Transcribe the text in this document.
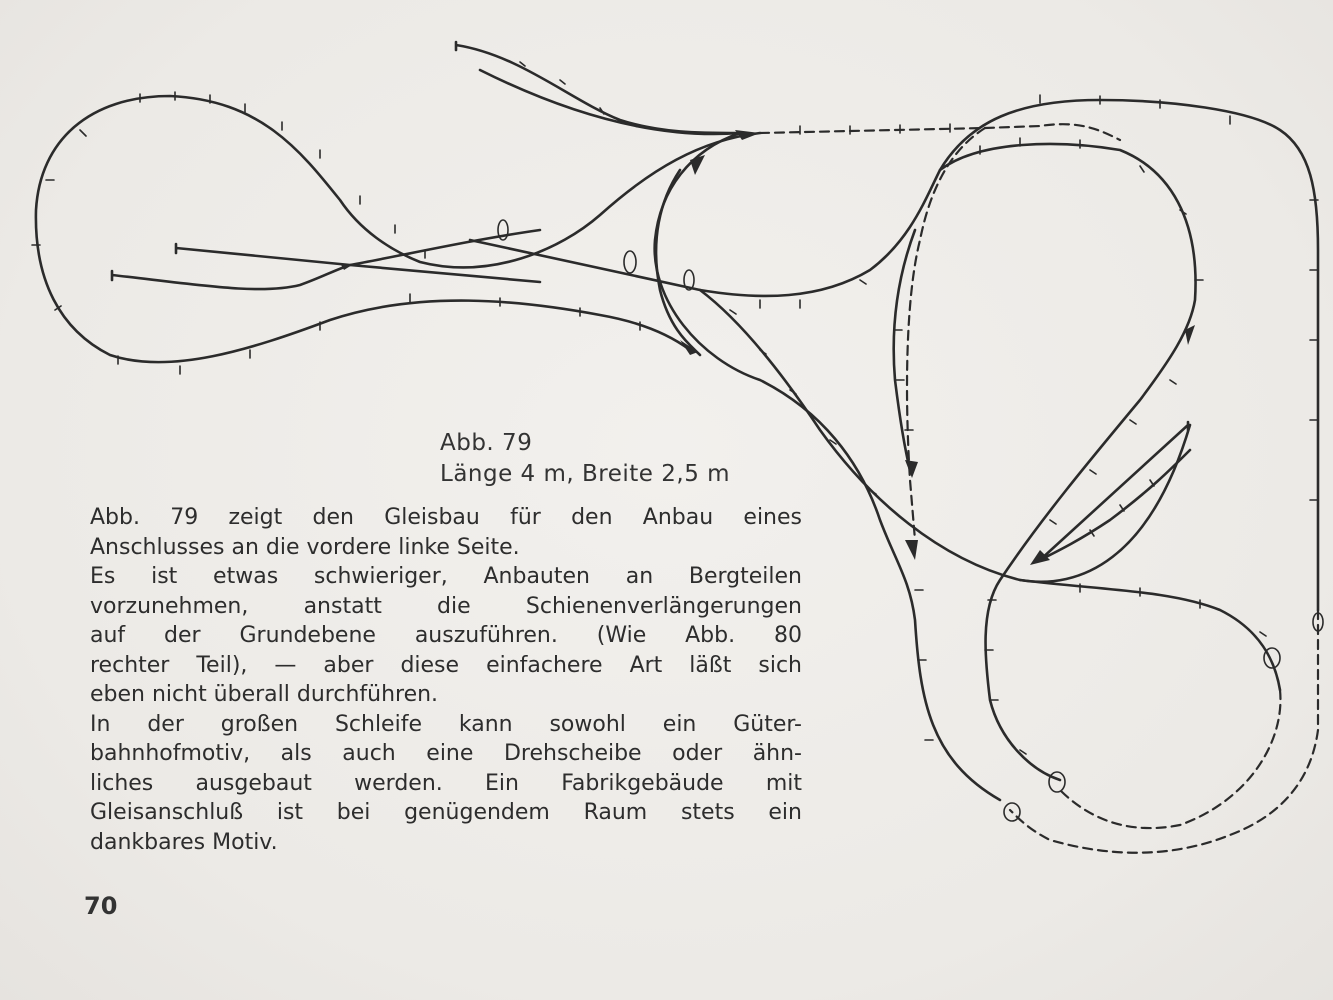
Abb. 79
Länge 4 m, Breite 2,5 m
Abb. 79 zeigt den Gleisbau für den Anbau eines
Anschlusses an die vordere linke Seite.
Es ist etwas schwieriger, Anbauten an Bergteilen
vorzunehmen, anstatt die Schienenverlängerungen
auf der Grundebene auszuführen. (Wie Abb. 80
rechter Teil), — aber diese einfachere Art läßt sich
eben nicht überall durchführen.
In der großen Schleife kann sowohl ein Güter-
bahnhofmotiv, als auch eine Drehscheibe oder ähn-
liches ausgebaut werden. Ein Fabrikgebäude mit
Gleisanschluß ist bei genügendem Raum stets ein
dankbares Motiv.
70
